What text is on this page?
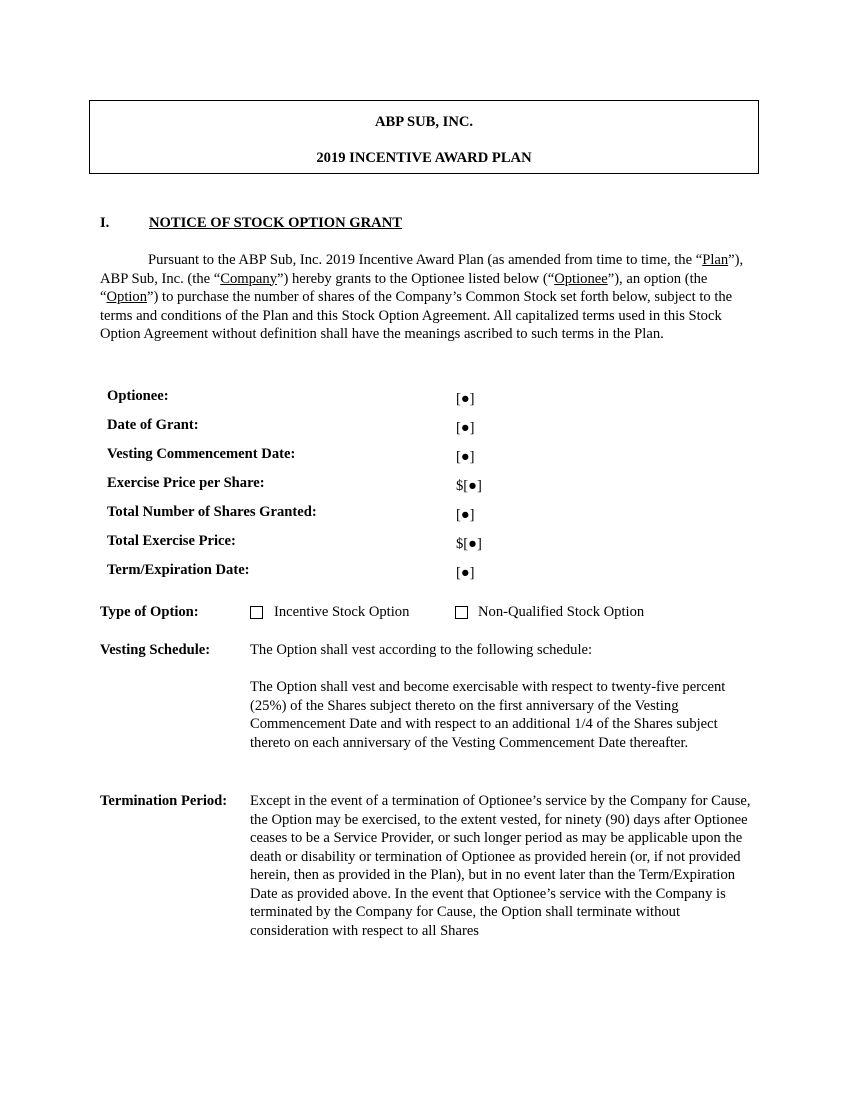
ABP SUB, INC.
2019 INCENTIVE AWARD PLAN
I.	NOTICE OF STOCK OPTION GRANT

Pursuant to the ABP Sub, Inc. 2019 Incentive Award Plan (as amended from time to time, the “Plan”), ABP Sub, Inc. (the “Company”) hereby grants to the Optionee listed below (“Optionee”), an option (the “Option”) to purchase the number of shares of the Company’s Common Stock set forth below, subject to the terms and conditions of the Plan and this Stock Option Agreement. All capitalized terms used in this Stock Option Agreement without definition shall have the meanings ascribed to such terms in the Plan.

Optionee:	[●]
Date of Grant:	[●]
Vesting Commencement Date:	[●]
Exercise Price per Share:	$[●]
Total Number of Shares Granted:	[●]
Total Exercise Price:	$[●]
Term/Expiration Date:	[●]
Type of Option:	Incentive Stock Option	Non-Qualified Stock Option
Vesting Schedule:	The Option shall vest according to the following schedule:
The Option shall vest and become exercisable with respect to twenty-five percent (25%) of the Shares subject thereto on the first anniversary of the Vesting Commencement Date and with respect to an additional 1/4 of the Shares subject thereto on each anniversary of the Vesting Commencement Date thereafter.
Termination Period: Except in the event of a termination of Optionee’s service by the Company for Cause, the Option may be exercised, to the extent vested, for ninety (90) days after Optionee ceases to be a Service Provider, or such longer period as may be applicable upon the death or disability or termination of Optionee as provided herein (or, if not provided herein, then as provided in the Plan), but in no event later than the Term/Expiration Date as provided above. In the event that Optionee’s service with the Company is terminated by the Company for Cause, the Option shall terminate without consideration with respect to all Shares
